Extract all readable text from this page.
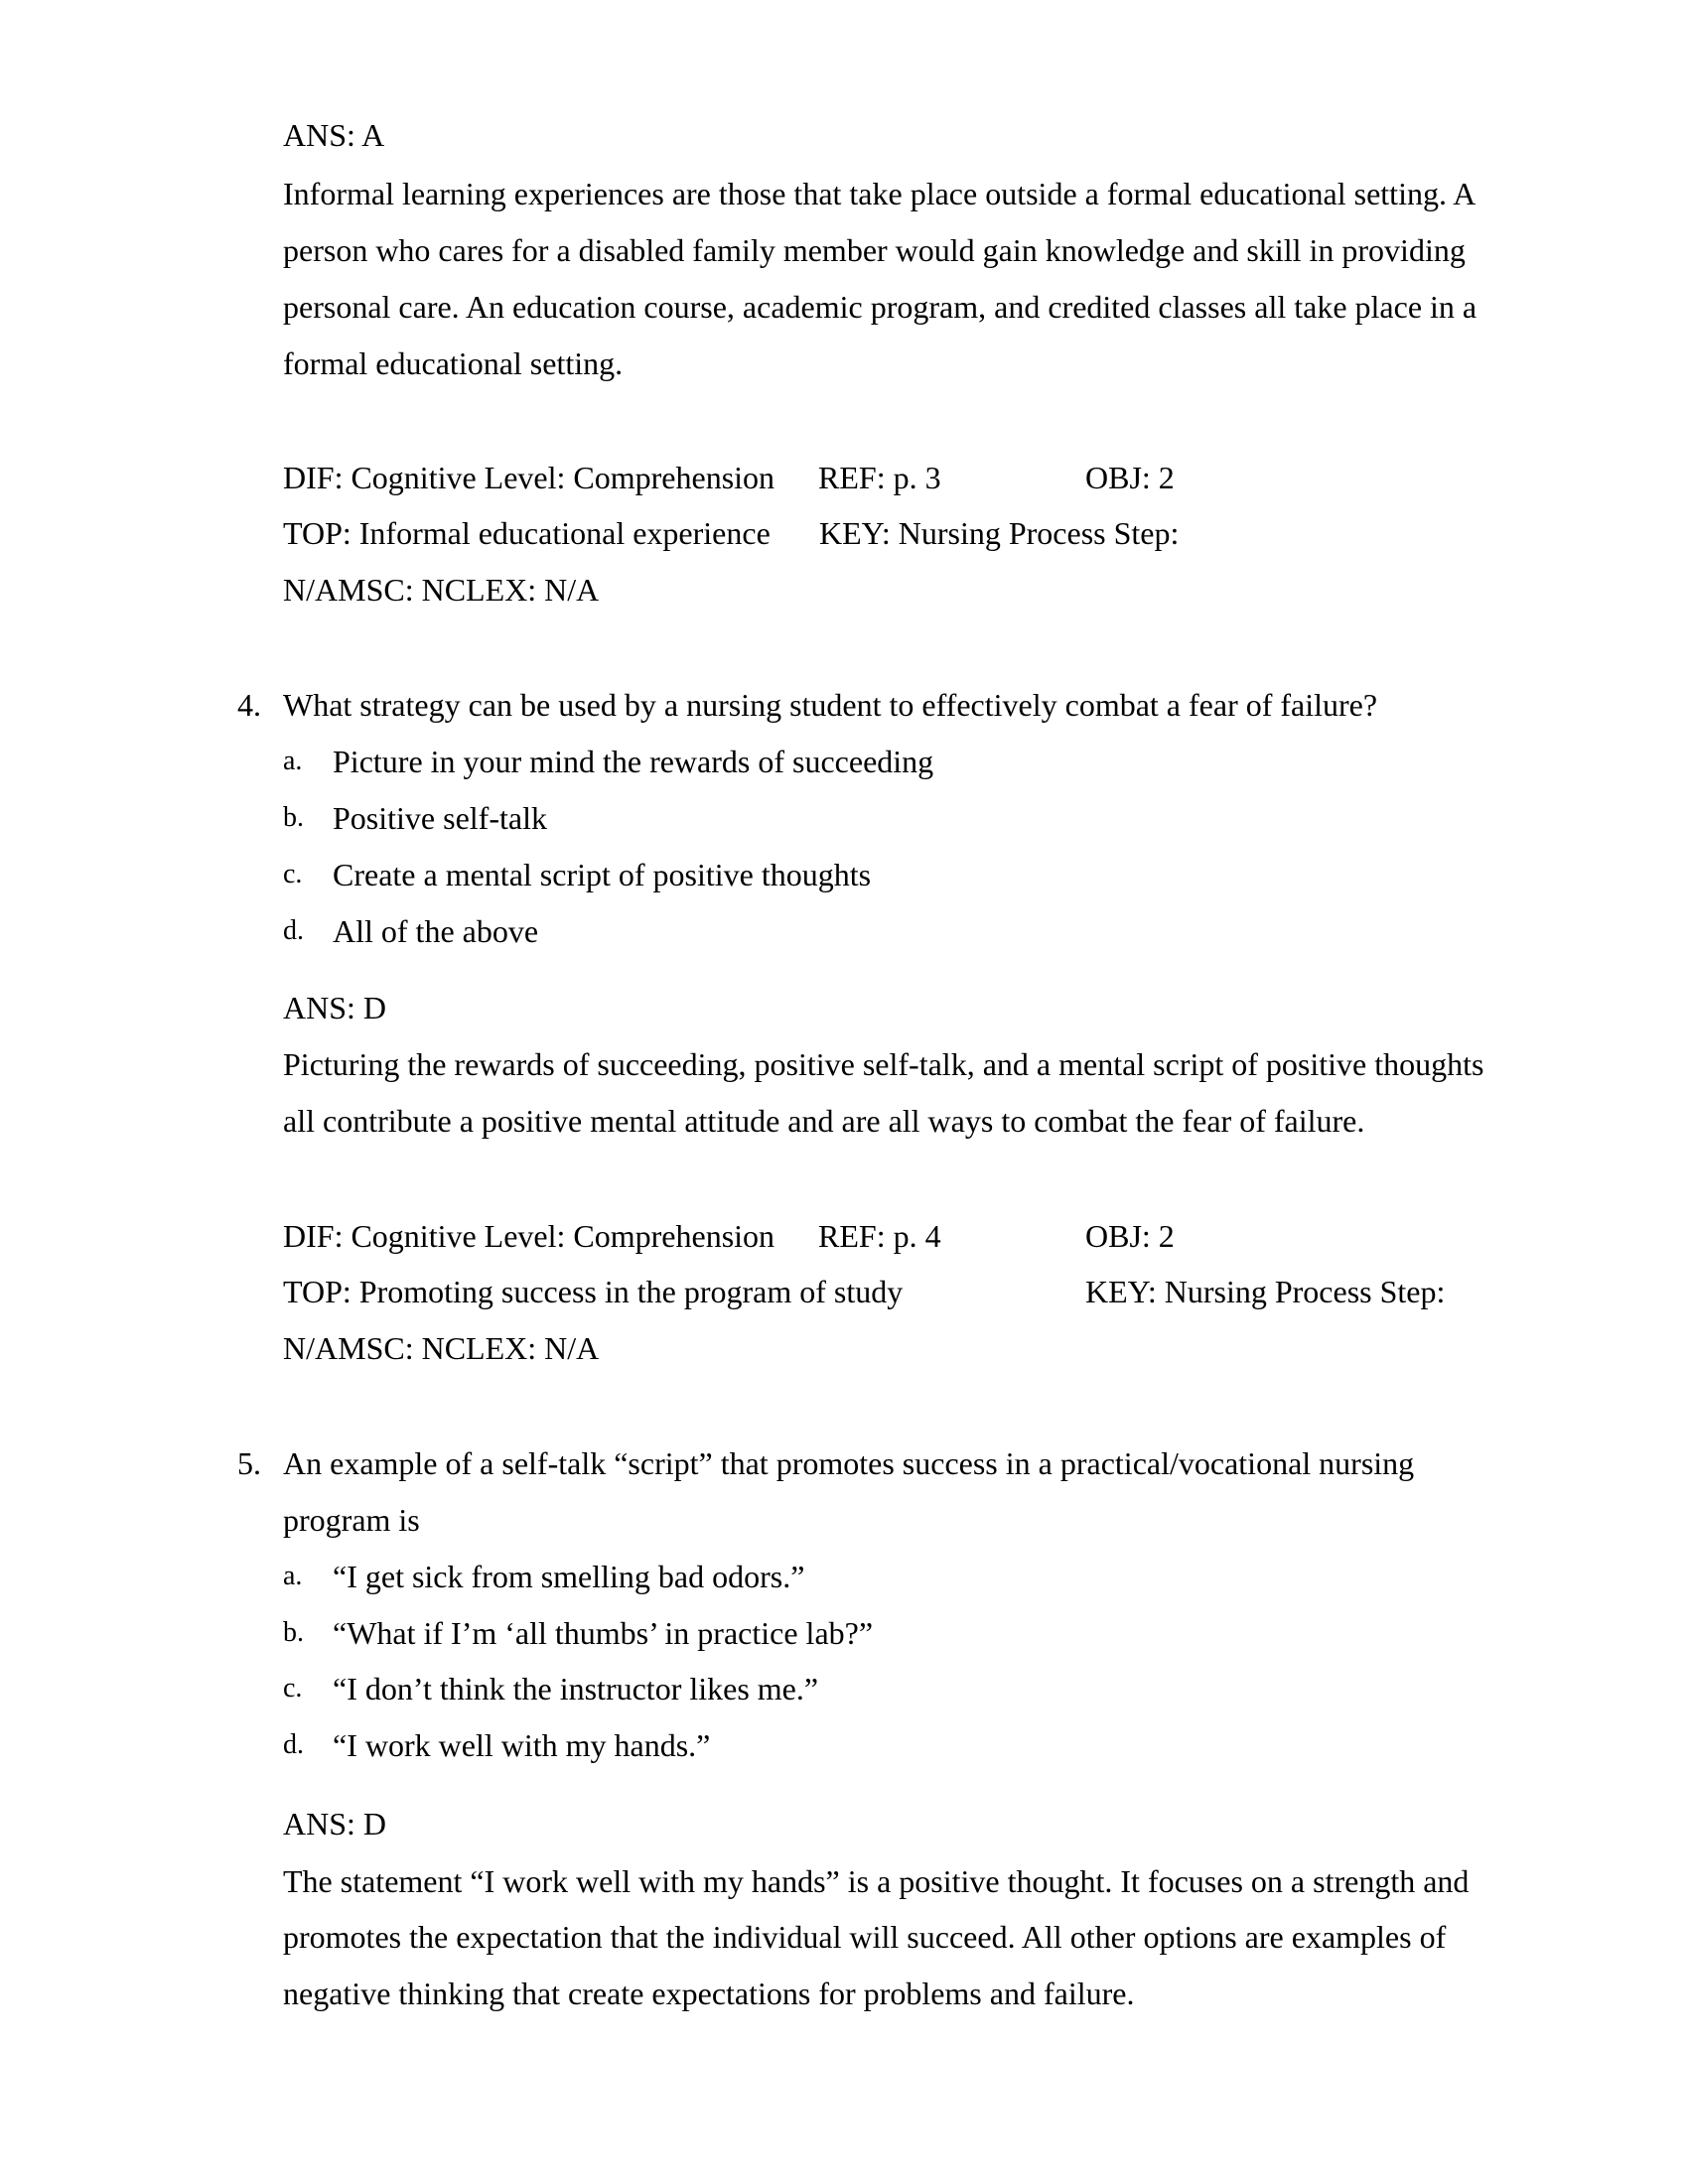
ANS: A
Informal learning experiences are those that take place outside a formal educational setting. A
person who cares for a disabled family member would gain knowledge and skill in providing
personal care. An education course, academic program, and credited classes all take place in a
formal educational setting.
DIF: Cognitive Level: Comprehension REF: p. 3	OBJ: 2
TOP: Informal educational experience KEY: Nursing Process Step:
N/AMSC: NCLEX: N/A
4. What strategy can be used by a nursing student to effectively combat a fear of failure?
a. Picture in your mind the rewards of succeeding
b. Positive self-talk
c. Create a mental script of positive thoughts
d. All of the above
ANS: D
Picturing the rewards of succeeding, positive self-talk, and a mental script of positive thoughts
all contribute a positive mental attitude and are all ways to combat the fear of failure.
DIF: Cognitive Level: Comprehension REF: p. 4	OBJ: 2
TOP: Promoting success in the program of study	KEY: Nursing Process Step:
N/AMSC: NCLEX: N/A
5. An example of a self-talk “script” that promotes success in a practical/vocational nursing
program is
a. “I get sick from smelling bad odors.”
b. “What if I’m ‘all thumbs’ in practice lab?”
c. “I don’t think the instructor likes me.”
d. “I work well with my hands.”
ANS: D
The statement “I work well with my hands” is a positive thought. It focuses on a strength and
promotes the expectation that the individual will succeed. All other options are examples of
negative thinking that create expectations for problems and failure.
